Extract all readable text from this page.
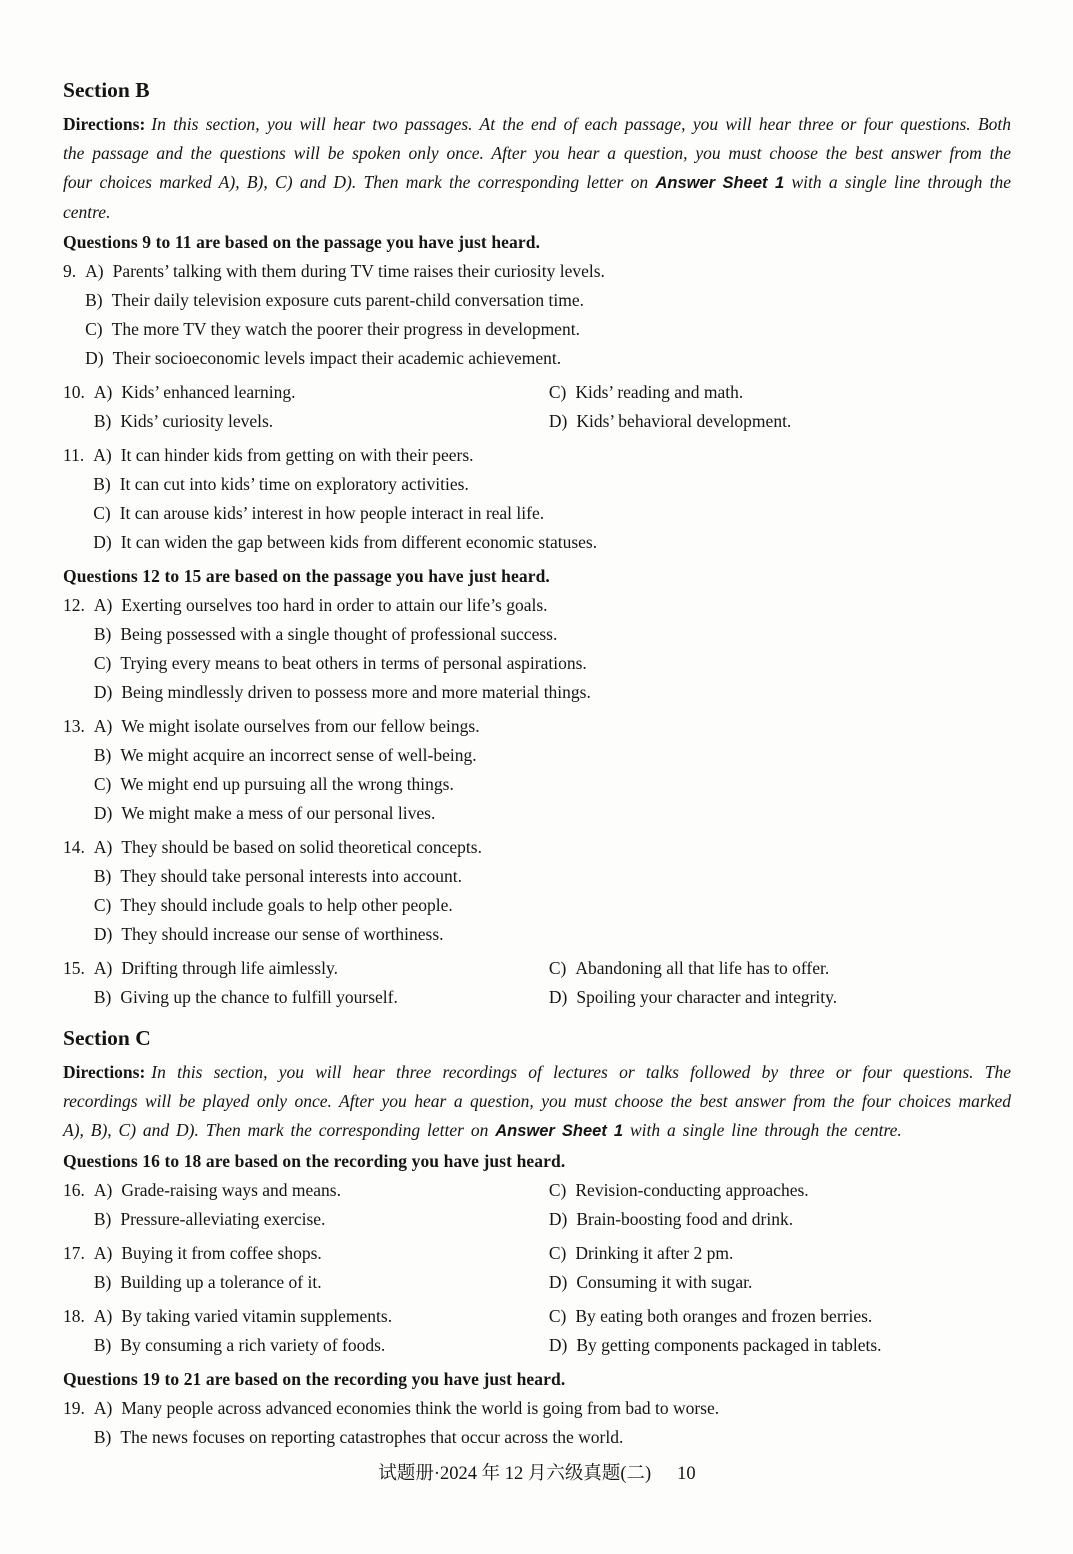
Section B

Directions: In this section, you will hear two passages. At the end of each passage, you will hear three or four questions. Both the passage and the questions will be spoken only once. After you hear a question, you must choose the best answer from the four choices marked A), B), C) and D). Then mark the corresponding letter on Answer Sheet 1 with a single line through the centre.

Questions 9 to 11 are based on the passage you have just heard.

9. A) Parents’ talking with them during TV time raises their curiosity levels.
B) Their daily television exposure cuts parent-child conversation time.
C) The more TV they watch the poorer their progress in development.
D) Their socioeconomic levels impact their academic achievement.
10. A) Kids’ enhanced learning.
B) Kids’ curiosity levels.
C) Kids’ reading and math.
D) Kids’ behavioral development.
11. A) It can hinder kids from getting on with their peers.
B) It can cut into kids’ time on exploratory activities.
C) It can arouse kids’ interest in how people interact in real life.
D) It can widen the gap between kids from different economic statuses.

Questions 12 to 15 are based on the passage you have just heard.

12. A) Exerting ourselves too hard in order to attain our life’s goals.
B) Being possessed with a single thought of professional success.
C) Trying every means to beat others in terms of personal aspirations.
D) Being mindlessly driven to possess more and more material things.
13. A) We might isolate ourselves from our fellow beings.
B) We might acquire an incorrect sense of well-being.
C) We might end up pursuing all the wrong things.
D) We might make a mess of our personal lives.
14. A) They should be based on solid theoretical concepts.
B) They should take personal interests into account.
C) They should include goals to help other people.
D) They should increase our sense of worthiness.
15. A) Drifting through life aimlessly.
B) Giving up the chance to fulfill yourself.
C) Abandoning all that life has to offer.
D) Spoiling your character and integrity.
Section C

Directions: In this section, you will hear three recordings of lectures or talks followed by three or four questions. The recordings will be played only once. After you hear a question, you must choose the best answer from the four choices marked A), B), C) and D). Then mark the corresponding letter on Answer Sheet 1 with a single line through the centre.

Questions 16 to 18 are based on the recording you have just heard.

16. A) Grade-raising ways and means.
B) Pressure-alleviating exercise.
C) Revision-conducting approaches.
D) Brain-boosting food and drink.
17. A) Buying it from coffee shops.
B) Building up a tolerance of it.
C) Drinking it after 2 pm.
D) Consuming it with sugar.
18. A) By taking varied vitamin supplements.
B) By consuming a rich variety of foods.
C) By eating both oranges and frozen berries.
D) By getting components packaged in tablets.

Questions 19 to 21 are based on the recording you have just heard.

19. A) Many people across advanced economies think the world is going from bad to worse.
B) The news focuses on reporting catastrophes that occur across the world.
试题册·2024 年 12 月六级真题(二) 10
